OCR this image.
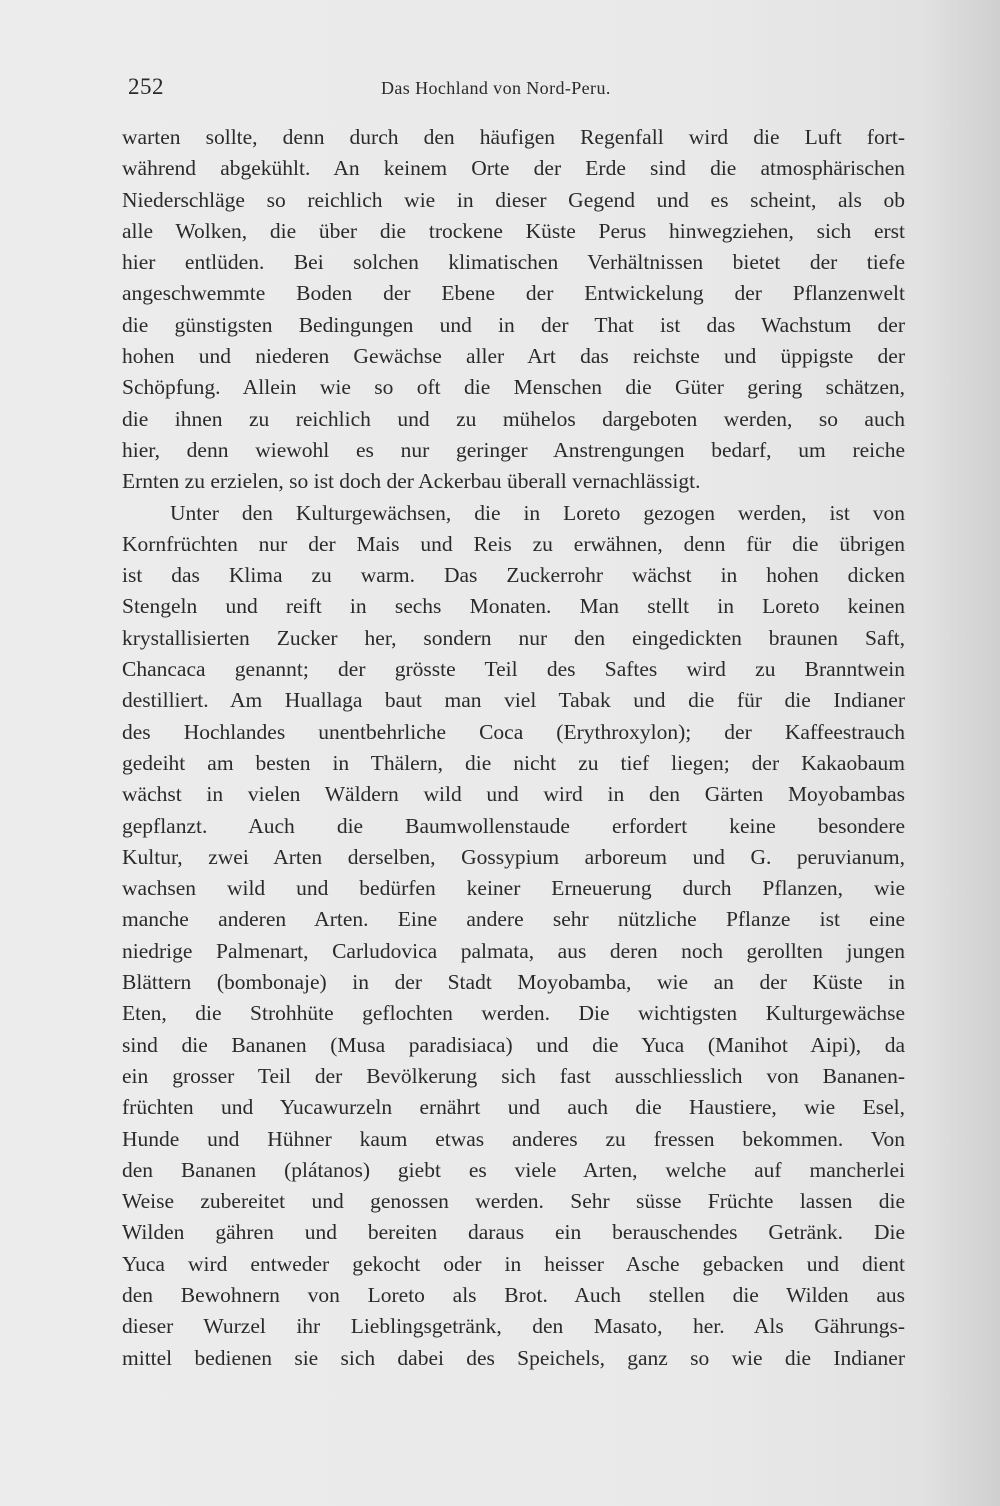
252	Das Hochland von Nord-Peru.
warten sollte, denn durch den häufigen Regenfall wird die Luft fort-
während abgekühlt. An keinem Orte der Erde sind die atmosphärischen
Niederschläge so reichlich wie in dieser Gegend und es scheint, als ob
alle Wolken, die über die trockene Küste Perus hinwegziehen, sich erst
hier entlüden. Bei solchen klimatischen Verhältnissen bietet der tiefe
angeschwemmte Boden der Ebene der Entwickelung der Pflanzenwelt
die günstigsten Bedingungen und in der That ist das Wachstum der
hohen und niederen Gewächse aller Art das reichste und üppigste der
Schöpfung. Allein wie so oft die Menschen die Güter gering schätzen,
die ihnen zu reichlich und zu mühelos dargeboten werden, so auch
hier, denn wiewohl es nur geringer Anstrengungen bedarf, um reiche
Ernten zu erzielen, so ist doch der Ackerbau überall vernachlässigt.
Unter den Kulturgewächsen, die in Loreto gezogen werden, ist von
Kornfrüchten nur der Mais und Reis zu erwähnen, denn für die übrigen
ist das Klima zu warm. Das Zuckerrohr wächst in hohen dicken
Stengeln und reift in sechs Monaten. Man stellt in Loreto keinen
krystallisierten Zucker her, sondern nur den eingedickten braunen Saft,
Chancaca genannt; der grösste Teil des Saftes wird zu Branntwein
destilliert. Am Huallaga baut man viel Tabak und die für die Indianer
des Hochlandes unentbehrliche Coca (Erythroxylon); der Kaffeestrauch
gedeiht am besten in Thälern, die nicht zu tief liegen; der Kakaobaum
wächst in vielen Wäldern wild und wird in den Gärten Moyobambas
gepflanzt. Auch die Baumwollenstaude erfordert keine besondere
Kultur, zwei Arten derselben, Gossypium arboreum und G. peruvianum,
wachsen wild und bedürfen keiner Erneuerung durch Pflanzen, wie
manche anderen Arten. Eine andere sehr nützliche Pflanze ist eine
niedrige Palmenart, Carludovica palmata, aus deren noch gerollten jungen
Blättern (bombonaje) in der Stadt Moyobamba, wie an der Küste in
Eten, die Strohhüte geflochten werden. Die wichtigsten Kulturgewächse
sind die Bananen (Musa paradisiaca) und die Yuca (Manihot Aipi), da
ein grosser Teil der Bevölkerung sich fast ausschliesslich von Bananen-
früchten und Yucawurzeln ernährt und auch die Haustiere, wie Esel,
Hunde und Hühner kaum etwas anderes zu fressen bekommen. Von
den Bananen (plátanos) giebt es viele Arten, welche auf mancherlei
Weise zubereitet und genossen werden. Sehr süsse Früchte lassen die
Wilden gähren und bereiten daraus ein berauschendes Getränk. Die
Yuca wird entweder gekocht oder in heisser Asche gebacken und dient
den Bewohnern von Loreto als Brot. Auch stellen die Wilden aus
dieser Wurzel ihr Lieblingsgetränk, den Masato, her. Als Gährungs-
mittel bedienen sie sich dabei des Speichels, ganz so wie die Indianer
